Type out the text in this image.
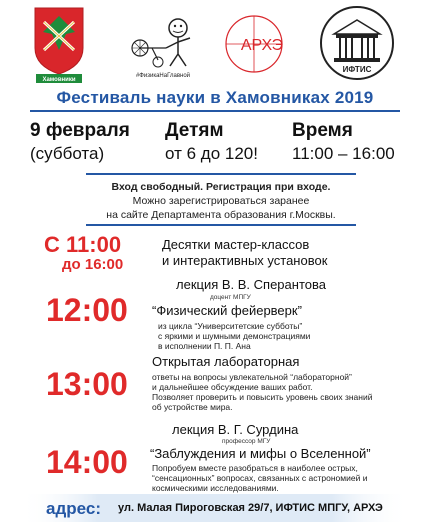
Хамовники
#ФизикаНаГлавной
АРХЭ
ИФТИС
Фестиваль науки в Хамовниках 2019
9 февраля
(суббота)
Детям
от 6 до 120!
Время
11:00 – 16:00
Вход свободный. Регистрация при входе.
Можно зарегистрироваться заранее
на сайте Департамента образования г.Москвы.
С 11:00
до 16:00
Десятки мастер-классов
и интерактивных установок
12:00
лекция В. В. Сперантова
доцент МПГУ
“Физический фейерверк”
из цикла “Университетские субботы”
с яркими и шумными демонстрациями
в исполнении П. П. Ана
13:00
Открытая лабораторная
ответы на вопросы увлекательной “лабораторной”
и дальнейшее обсуждение ваших работ.
Позволяет проверить и повысить уровень своих знаний
об устройстве мира.
14:00
лекция В. Г. Сурдина
профессор МГУ
“Заблуждения и мифы о Вселенной”
Попробуем вместе разобраться в наиболее острых,
“сенсационных” вопросах, связанных с астрономией и
космическими исследованиями.
адрес: ул. Малая Пироговская 29/7, ИФТИС МПГУ, АРХЭ
